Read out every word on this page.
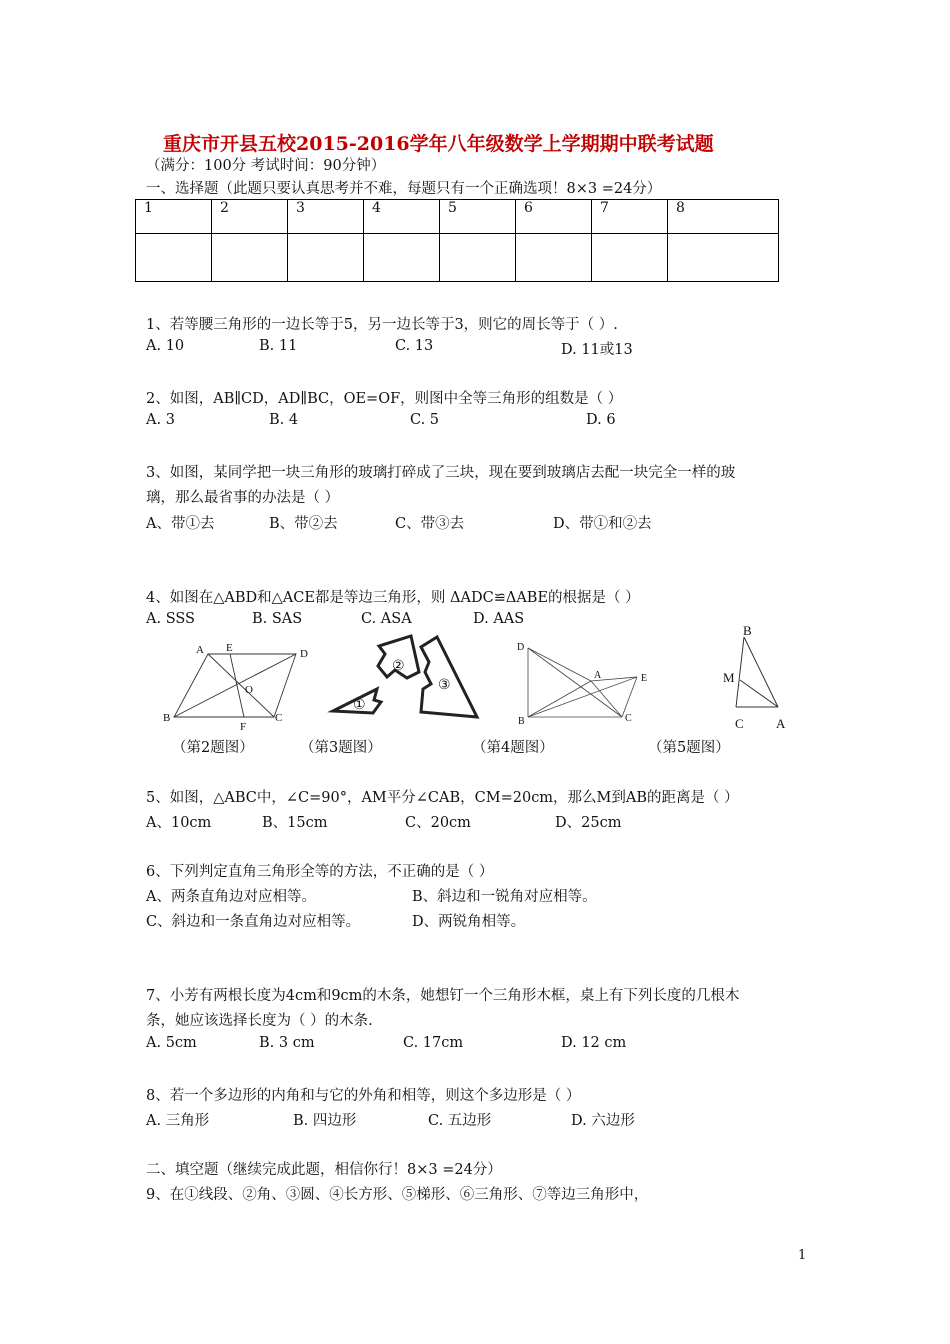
重庆市开县五校2015-2016学年八年级数学上学期期中联考试题
（满分：100分 考试时间：90分钟）
一、选择题（此题只要认真思考并不难，每题只有一个正确选项！8×3 =24分）
1	2	3	4	5	6	7	8

1、若等腰三角形的一边长等于5，另一边长等于3，则它的周长等于（ ）.
A. 10	B. 11	C. 13	D. 11或13
2、如图，AB∥CD，AD∥BC，OE=OF，则图中全等三角形的组数是（ ）
A. 3	B. 4	C. 5	D. 6
3、如图，某同学把一块三角形的玻璃打碎成了三块，现在要到玻璃店去配一块完全一样的玻
璃，那么最省事的办法是（ ）
A、带①去	B、带②去	C、带③去	D、带①和②去
4、如图在△ABD和△ACE都是等边三角形，则 ΔADC≌ΔABE的根据是（ ）
A. SSS	B. SAS	C. ASA	D. AAS
A E	D
O
B
F
C
（第2题图）
①
②
③
（第3题图）
D
A	E
B	C
（第4题图）
B
M
C A
（第5题图）
5、如图，△ABC中，∠C=90°，AM平分∠CAB，CM=20cm，那么M到AB的距离是（ ）
A、10cm	B、15cm	C、20cm	D、25cm
6、下列判定直角三角形全等的方法，不正确的是（ ）
A、两条直角边对应相等。	B、斜边和一锐角对应相等。
C、斜边和一条直角边对应相等。	D、两锐角相等。
7、小芳有两根长度为4cm和9cm的木条，她想钉一个三角形木框，桌上有下列长度的几根木
条，她应该选择长度为（ ）的木条.
A. 5cm	B. 3 cm	C. 17cm	D. 12 cm
8、若一个多边形的内角和与它的外角和相等，则这个多边形是（ ）
A. 三角形	B. 四边形	C. 五边形	D. 六边形
二、填空题（继续完成此题，相信你行！8×3 =24分）
9、在①线段、②角、③圆、④长方形、⑤梯形、⑥三角形、⑦等边三角形中，
1
